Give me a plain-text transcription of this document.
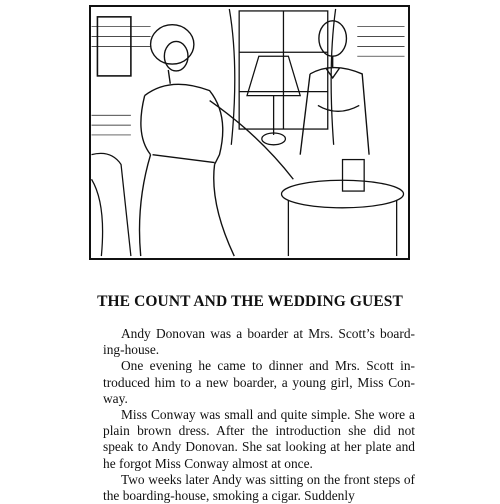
THE COUNT AND THE WEDDING GUEST

Andy Donovan was a boarder at Mrs. Scott’s boarding-house.

One evening he came to dinner and Mrs. Scott introduced him to a new boarder, a young girl, Miss Conway.

Miss Conway was small and quite simple. She wore a plain brown dress. After the introduction she did not speak to Andy Donovan. She sat looking at her plate and he forgot Miss Conway almost at once.

Two weeks later Andy was sitting on the front steps of the boarding-house, smoking a cigar. Suddenly
